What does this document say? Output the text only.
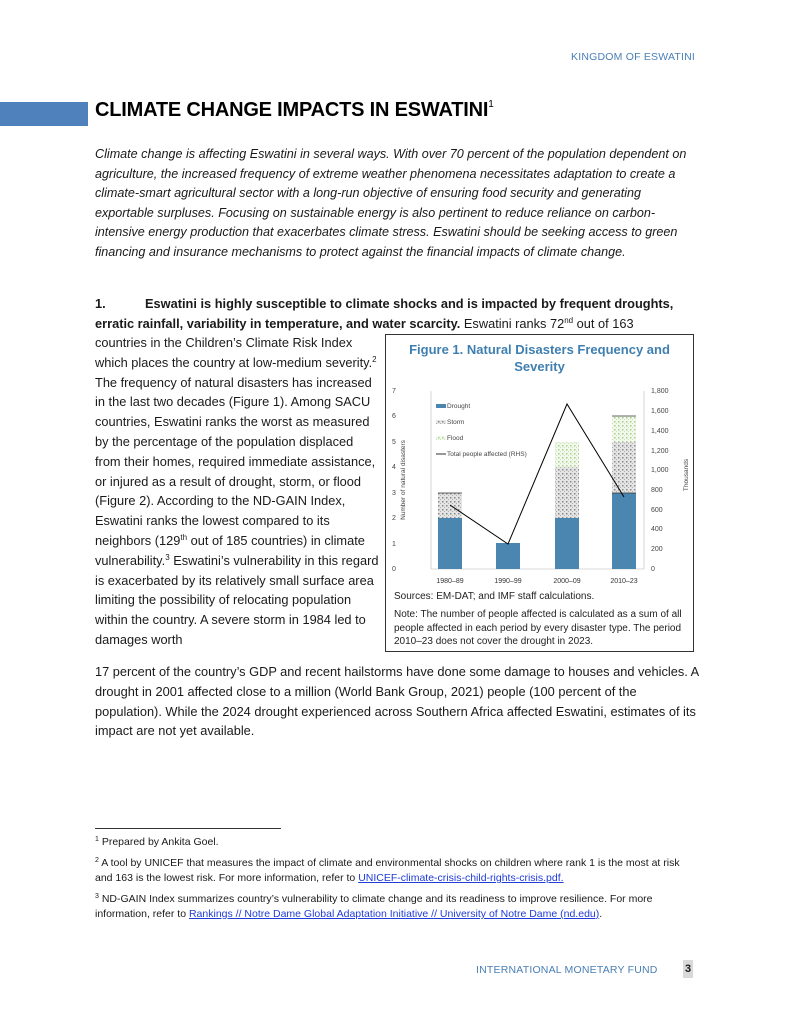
KINGDOM OF ESWATINI
CLIMATE CHANGE IMPACTS IN ESWATINI$^1$
Climate change is affecting Eswatini in several ways. With over 70 percent of the population dependent on agriculture, the increased frequency of extreme weather phenomena necessitates adaptation to create a climate-smart agricultural sector with a long-run objective of ensuring food security and generating exportable surpluses. Focusing on sustainable energy is also pertinent to reduce reliance on carbon-intensive energy production that exacerbates climate stress. Eswatini should be seeking access to green financing and insurance mechanisms to protect against the financial impacts of climate change.
1.	Eswatini is highly susceptible to climate shocks and is impacted by frequent droughts, erratic rainfall, variability in temperature, and water scarcity. Eswatini ranks 72nd out of 163
countries in the Children’s Climate Risk Index which places the country at low-medium severity.$^2$ The frequency of natural disasters has increased in the last two decades (Figure 1). Among SACU countries, Eswatini ranks the worst as measured by the percentage of the population displaced from their homes, required immediate assistance, or injured as a result of drought, storm, or flood (Figure 2). According to the ND-GAIN Index, Eswatini ranks the lowest compared to its neighbors (129th out of 185 countries) in climate vulnerability.$^3$ Eswatini’s vulnerability in this regard is exacerbated by its relatively small surface area limiting the possibility of relocating population within the country. A severe storm in 1984 led to damages worth
17 percent of the country’s GDP and recent hailstorms have done some damage to houses and vehicles. A drought in 2001 affected close to a million (World Bank Group, 2021) people (100 percent of the population). While the 2024 drought experienced across Southern Africa affected Eswatini, estimates of its impact are not yet available.
Figure 1. Natural Disasters Frequency and Severity
0
1
2
3
4
5
6
7
0
200
400
600
800
1,000
1,200
1,400
1,600
1,800
Number of natural disasters	Thousands
Drought
Storm
Flood
Total people affected (RHS)
1980–89	1990–99	2000–09	2010–23
Sources: EM-DAT; and IMF staff calculations.
Note: The number of people affected is calculated as a sum of all people affected in each period by every disaster type. The period 2010–23 does not cover the drought in 2023.
$^1$ Prepared by Ankita Goel.
$^2$ A tool by UNICEF that measures the impact of climate and environmental shocks on children where rank 1 is the most at risk and 163 is the lowest risk. For more information, refer to UNICEF-climate-crisis-child-rights-crisis.pdf.
$^3$ ND-GAIN Index summarizes country’s vulnerability to climate change and its readiness to improve resilience. For more information, refer to Rankings // Notre Dame Global Adaptation Initiative // University of Notre Dame (nd.edu).
INTERNATIONAL MONETARY FUND 3
